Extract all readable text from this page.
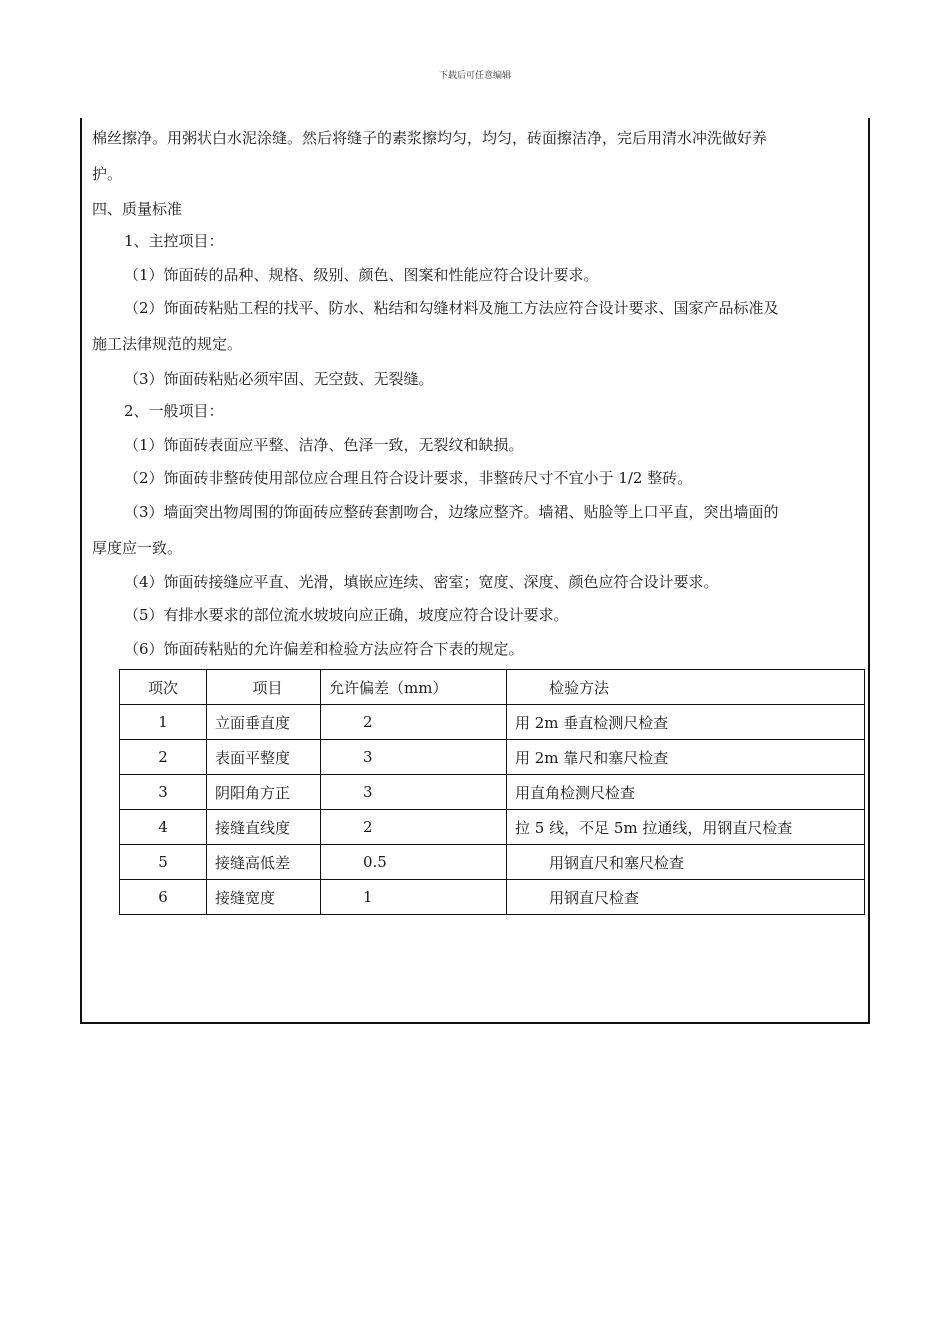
下载后可任意编辑
棉丝擦净。用粥状白水泥涂缝。然后将缝子的素浆擦均匀，均匀，砖面擦洁净，完后用清水冲洗做好养
护。
四、质量标准
1、主控项目：
（1）饰面砖的品种、规格、级别、颜色、图案和性能应符合设计要求。
（2）饰面砖粘贴工程的找平、防水、粘结和勾缝材料及施工方法应符合设计要求、国家产品标准及
施工法律规范的规定。
（3）饰面砖粘贴必须牢固、无空鼓、无裂缝。
2、一般项目：
（1）饰面砖表面应平整、洁净、色泽一致，无裂纹和缺损。
（2）饰面砖非整砖使用部位应合理且符合设计要求，非整砖尺寸不宜小于 1/2 整砖。
（3）墙面突出物周围的饰面砖应整砖套割吻合，边缘应整齐。墙裙、贴脸等上口平直，突出墙面的
厚度应一致。
（4）饰面砖接缝应平直、光滑，填嵌应连续、密室；宽度、深度、颜色应符合设计要求。
（5）有排水要求的部位流水坡坡向应正确，坡度应符合设计要求。
（6）饰面砖粘贴的允许偏差和检验方法应符合下表的规定。
项次	项目	允许偏差（mm）	检验方法
1	立面垂直度	2	用 2m 垂直检测尺检查
2	表面平整度	3	用 2m 靠尺和塞尺检查
3	阴阳角方正	3	用直角检测尺检查
4	接缝直线度	2	拉 5 线，不足 5m 拉通线，用钢直尺检查
5	接缝高低差	0.5	用钢直尺和塞尺检查
6	接缝宽度	1	用钢直尺检查
